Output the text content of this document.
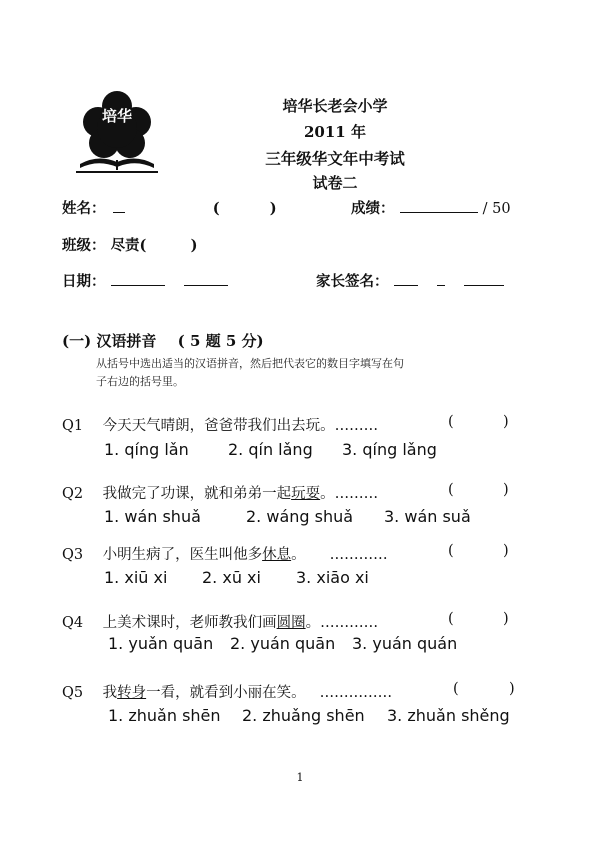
培华
培华长老会小学
2011 年
三年级华文年中考试
试卷二
姓名：	(	)	成绩：	/ 50
班级： 尽责(	)
日期：	家长签名：
(一) 汉语拼音 ( 5 题 5 分)
从括号中选出适当的汉语拼音，然后把代表它的数目字填写在句
子右边的括号里。
Q1 今天天气晴朗，爸爸带我们出去玩。………	(	)
1. qíng lǎn 2. qín lǎng 3. qíng lǎng
Q2 我做完了功课，就和弟弟一起玩耍。………	(	)
1. wán shuǎ	2. wáng shuǎ 3. wán suǎ
Q3 小明生病了，医生叫他多休息。 …………	(	)
1. xiū xi 2. xū xi 3. xiāo xi
Q4 上美术课时，老师教我们画圆圈。…………	(	)
1. yuǎn quān 2. yuán quān 3. yuán quán
Q5 我转身一看，就看到小丽在笑。 ……………	(	)
1. zhuǎn shēn 2. zhuǎng shēn 3. zhuǎn shěng
1
